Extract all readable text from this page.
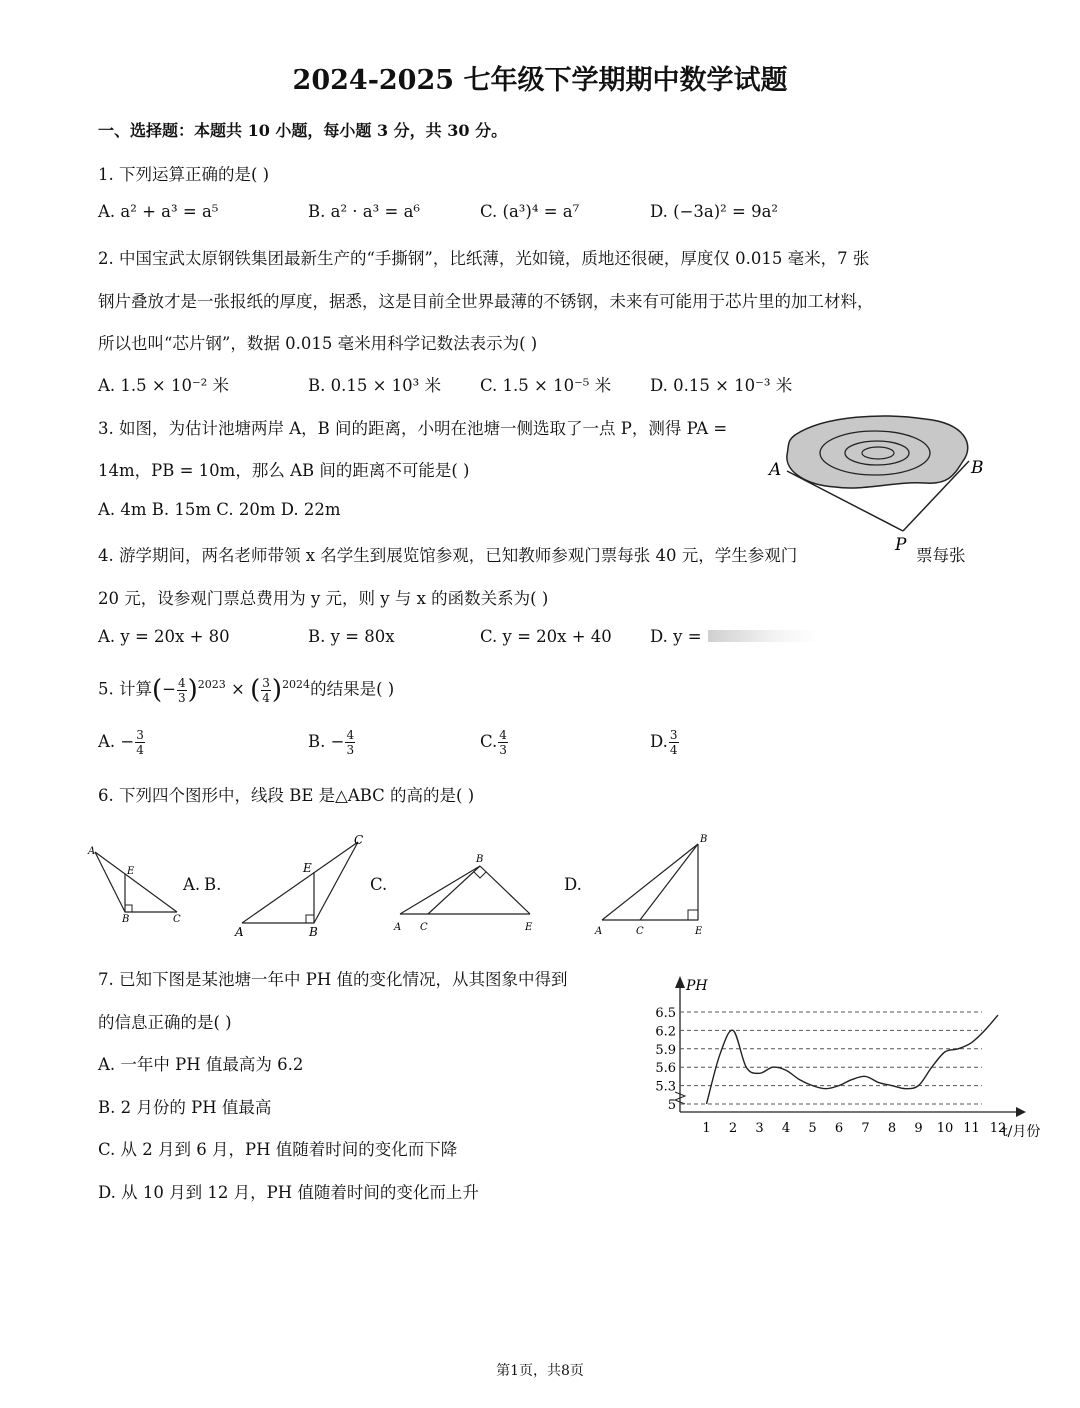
2024-2025 七年级下学期期中数学试题
一、选择题：本题共 10 小题，每小题 3 分，共 30 分。
1. 下列运算正确的是( )
A. a² + a³ = a⁵	B. a² · a³ = a⁶	C. (a³)⁴ = a⁷	D. (−3a)² = 9a²
2. 中国宝武太原钢铁集团最新生产的“手撕钢”，比纸薄，光如镜，质地还很硬，厚度仅 0.015 毫米，7 张
钢片叠放才是一张报纸的厚度，据悉，这是目前全世界最薄的不锈钢，未来有可能用于芯片里的加工材料，
所以也叫“芯片钢”，数据 0.015 毫米用科学记数法表示为( )
A. 1.5 × 10⁻² 米	B. 0.15 × 10³ 米 C. 1.5 × 10⁻⁵ 米 D. 0.15 × 10⁻³ 米
3. 如图，为估计池塘两岸 A，B 间的距离，小明在池塘一侧选取了一点 P，测得 PA =
14m，PB = 10m，那么 AB 间的距离不可能是( )
A. 4m B. 15m C. 20m D. 22m
A	B
P
4. 游学期间，两名老师带领 x 名学生到展览馆参观，已知教师参观门票每张 40 元，学生参观门	票每张
20 元，设参观门票总费用为 y 元，则 y 与 x 的函数关系为( )
A. y = 20x + 80	B. y = 80x	C. y = 20x + 40 D. y =
5. 计算(− $\frac{4}{3} )^{2023}$ × ( $\frac{3}{4} )^{2024}$的结果是( )
A. − $\frac{3}{4}$	B. − $\frac{4}{3}$	C. $\frac{4}{3}$	D. $\frac{3}{4}$
6. 下列四个图形中，线段 BE 是△ABC 的高的是( )
A
E
B	C
A. B.
A	B
E
C
C.
A C
B
E
D.
A	C
B
E
7. 已知下图是某池塘一年中 PH 值的变化情况，从其图象中得到
的信息正确的是( )
A. 一年中 PH 值最高为 6.2
B. 2 月份的 PH 值最高
C. 从 2 月到 6 月，PH 值随着时间的变化而下降
D. 从 10 月到 12 月，PH 值随着时间的变化而上升
5
5.3
5.6
5.9
6.2
6.5
1 2 3 4 5 6 7 8 9 10 11 12
PH
t/月份
第1页，共8页
